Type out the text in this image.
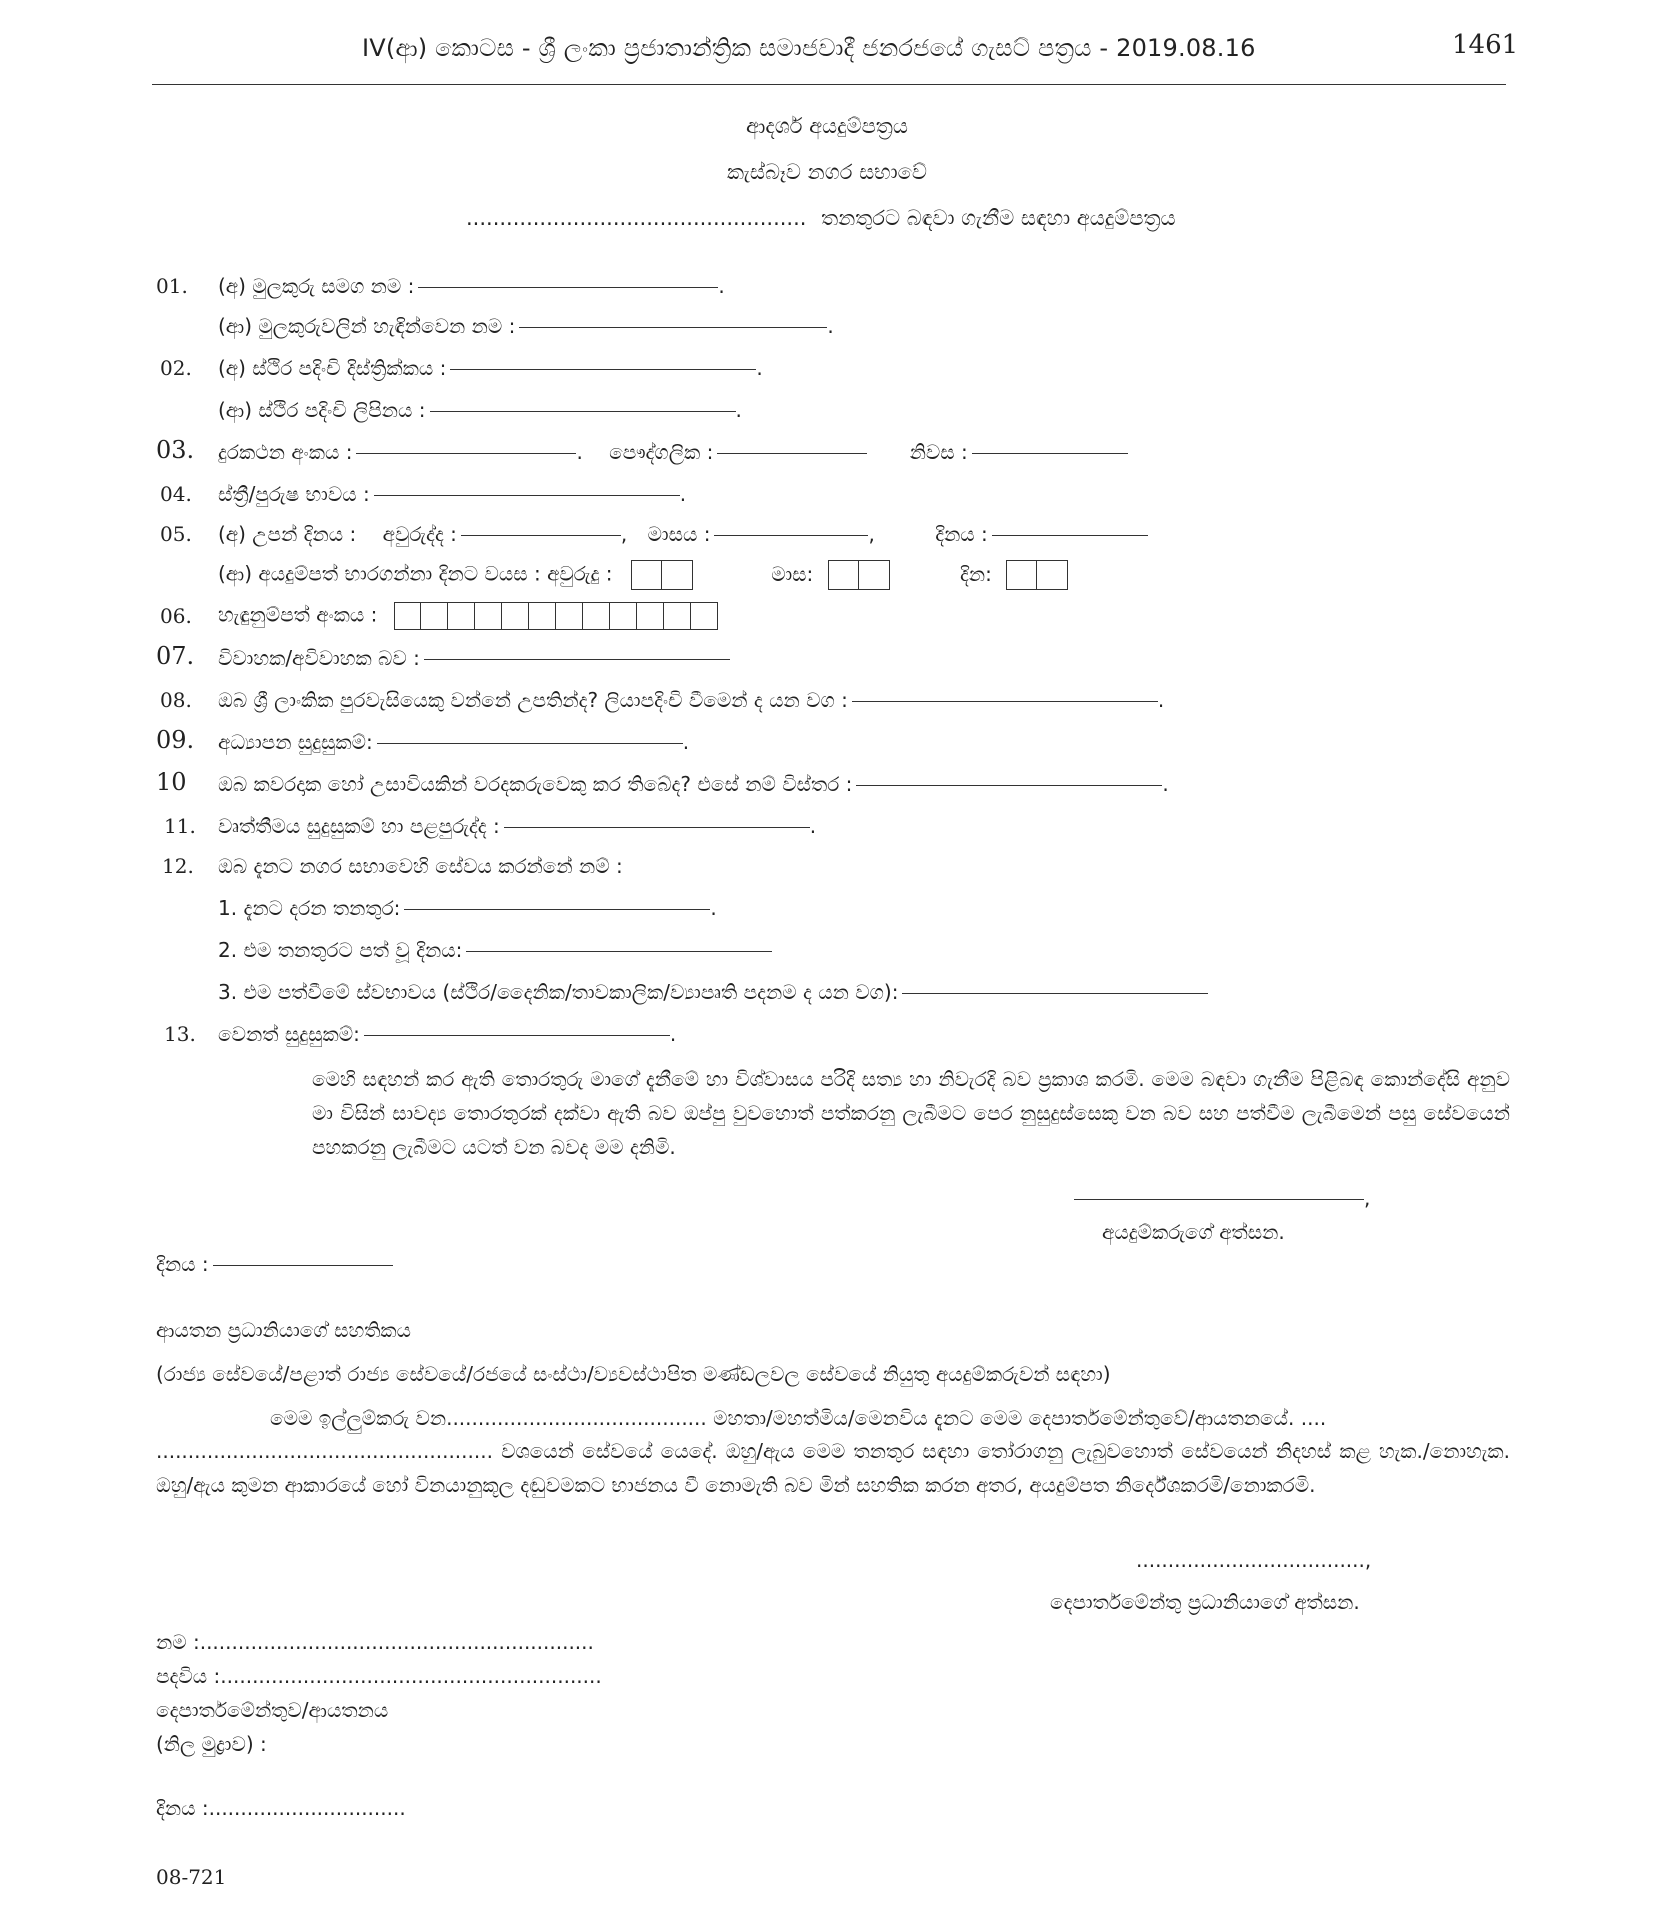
IV(ආ) කොටස - ශ්‍රී ලංකා ප්‍රජාතාන්ත්‍රික සමාජවාදී ජනරජයේ ගැසට් පත්‍රය - 2019.08.16	1461
ආදර්ශ අයදුම්පත්‍රය
කැස්බෑව නගර සභාවේ
................................................... තනතුරට බඳවා ගැනීම සඳහා අයදුම්පත්‍රය
01. (අ) මුලකුරු සමග නම :	.
(ආ) මුලකුරුවලින් හැඳින්වෙන නම :	.
02. (අ) ස්ථිර පදිංචි දිස්ත්‍රික්කය :	.
(ආ) ස්ථිර පදිංචි ලිපිනය :	.
03. දුරකථන අංකය :	. පෞද්ගලික :	නිවස :
04. ස්ත්‍රී/පුරුෂ භාවය :	.
05. (අ) උපන් දිනය : අවුරුද්ද :	, මාසය :	,	දිනය :
(ආ) අයදුම්පත් භාරගන්නා දිනට වයස : අවුරුදු :	මාස:	දින:
06. හැඳුනුම්පත් අංකය :
07. විවාහක/අවිවාහක බව :
08. ඔබ ශ්‍රී ලාංකික පුරවැසියෙකු වන්නේ උපතින්ද? ලියාපදිංචි වීමෙන් ද යන වග :	.
09. අධ්‍යාපන සුදුසුකම්:	.
10 ඔබ කවරදාක හෝ උසාවියකින් වරදකරුවෙකු කර තිබේද? එසේ නම් විස්තර :	.
11. වෘත්තීමය සුදුසුකම් හා පළපුරුද්ද :	.
12. ඔබ දැනට නගර සභාවෙහි සේවය කරන්නේ නම් :
1. දැනට දරන තනතුර:	.
2. එම තනතුරට පත් වූ දිනය:
3. එම පත්වීමේ ස්වභාවය (ස්ථිර/දෛනික/තාවකාලික/ව්‍යාපෘති පදනම ද යන වග):
13. වෙනත් සුදුසුකම්:	.
මෙහි සඳහන් කර ඇති තොරතුරු මාගේ දැනීමේ හා විශ්වාසය පරිදි සත්‍ය හා නිවැරදි බව ප්‍රකාශ කරමි. මෙම බඳවා ගැනීම පිළිබඳ කොන්දේසි අනුව මා විසින් සාවද්‍ය තොරතුරක් දක්වා ඇති බව ඔප්පු වුවහොත් පත්කරනු ලැබීමට පෙර නුසුදුස්සෙකු වන බව සහ පත්වීම ලැබීමෙන් පසු සේවයෙන් පහකරනු ලැබීමට යටත් වන බවද මම දනිමි.
,
අයදුම්කරුගේ අත්සන.
දිනය :
ආයතන ප්‍රධානියාගේ සහතිකය
(රාජ්‍ය සේවයේ/පළාත් රාජ්‍ය සේවයේ/රජයේ සංස්ථා/ව්‍යවස්ථාපිත මණ්ඩලවල සේවයේ නියුතු අයදුම්කරුවන් සඳහා)
මෙම ඉල්ලුම්කරු වන......................................... මහතා/මහත්මිය/මෙනවිය දැනට මෙම දෙපාර්තමේන්තුවේ/ආයතනයේ. ....
..................................................... වශයෙන් සේවයේ යෙදේ. ඔහු/ඇය මෙම තනතුර සඳහා තෝරාගනු ලැබුවහොත් සේවයෙන් නිදහස් කළ හැක./නොහැක. ඔහු/ඇය කුමන ආකාරයේ හෝ විනයානුකූල දඬුවමකට භාජනය වී නොමැති බව මින් සහතික කරන අතර, අයදුම්පත නිර්දේශකරමි/නොකරමි.
....................................,
දෙපාර්තමේන්තු ප්‍රධානියාගේ අත්සන.
නම :..............................................................
පදවිය :............................................................
දෙපාර්තමේන්තුව/ආයතනය
(නිල මුද්‍රාව) :
දිනය :...............................
08-721
